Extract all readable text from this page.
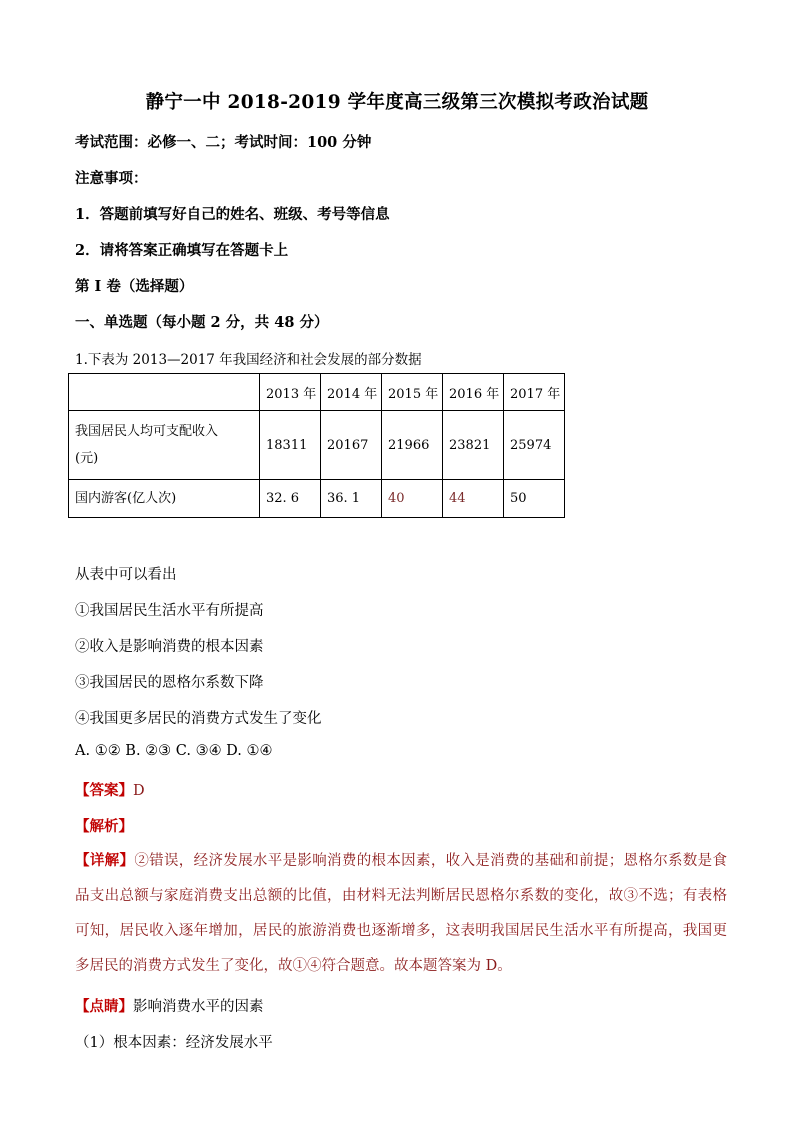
静宁一中 2018-2019 学年度高三级第三次模拟考政治试题
考试范围：必修一、二；考试时间：100 分钟
注意事项：
1．答题前填写好自己的姓名、班级、考号等信息
2．请将答案正确填写在答题卡上
第 I 卷（选择题）
一、单选题（每小题 2 分，共 48 分）
1.下表为 2013—2017 年我国经济和社会发展的部分数据
	2013 年	2014 年	2015 年	2016 年	2017 年

我国居民人均可支配收入
(元)	18311	20167	21966	23821	25974
国内游客(亿人次)	32. 6	36. 1	40	44	50
从表中可以看出
①我国居民生活水平有所提高
②收入是影响消费的根本因素
③我国居民的恩格尔系数下降
④我国更多居民的消费方式发生了变化
A. ①② B. ②③ C. ③④ D. ①④
【答案】D
【解析】
【详解】②错误，经济发展水平是影响消费的根本因素，收入是消费的基础和前提；恩格尔系数是食品支出总额与家庭消费支出总额的比值，由材料无法判断居民恩格尔系数的变化，故③不选；有表格可知，居民收入逐年增加，居民的旅游消费也逐渐增多，这表明我国居民生活水平有所提高，我国更多居民的消费方式发生了变化，故①④符合题意。故本题答案为 D。
【点睛】影响消费水平的因素
（1）根本因素：经济发展水平
